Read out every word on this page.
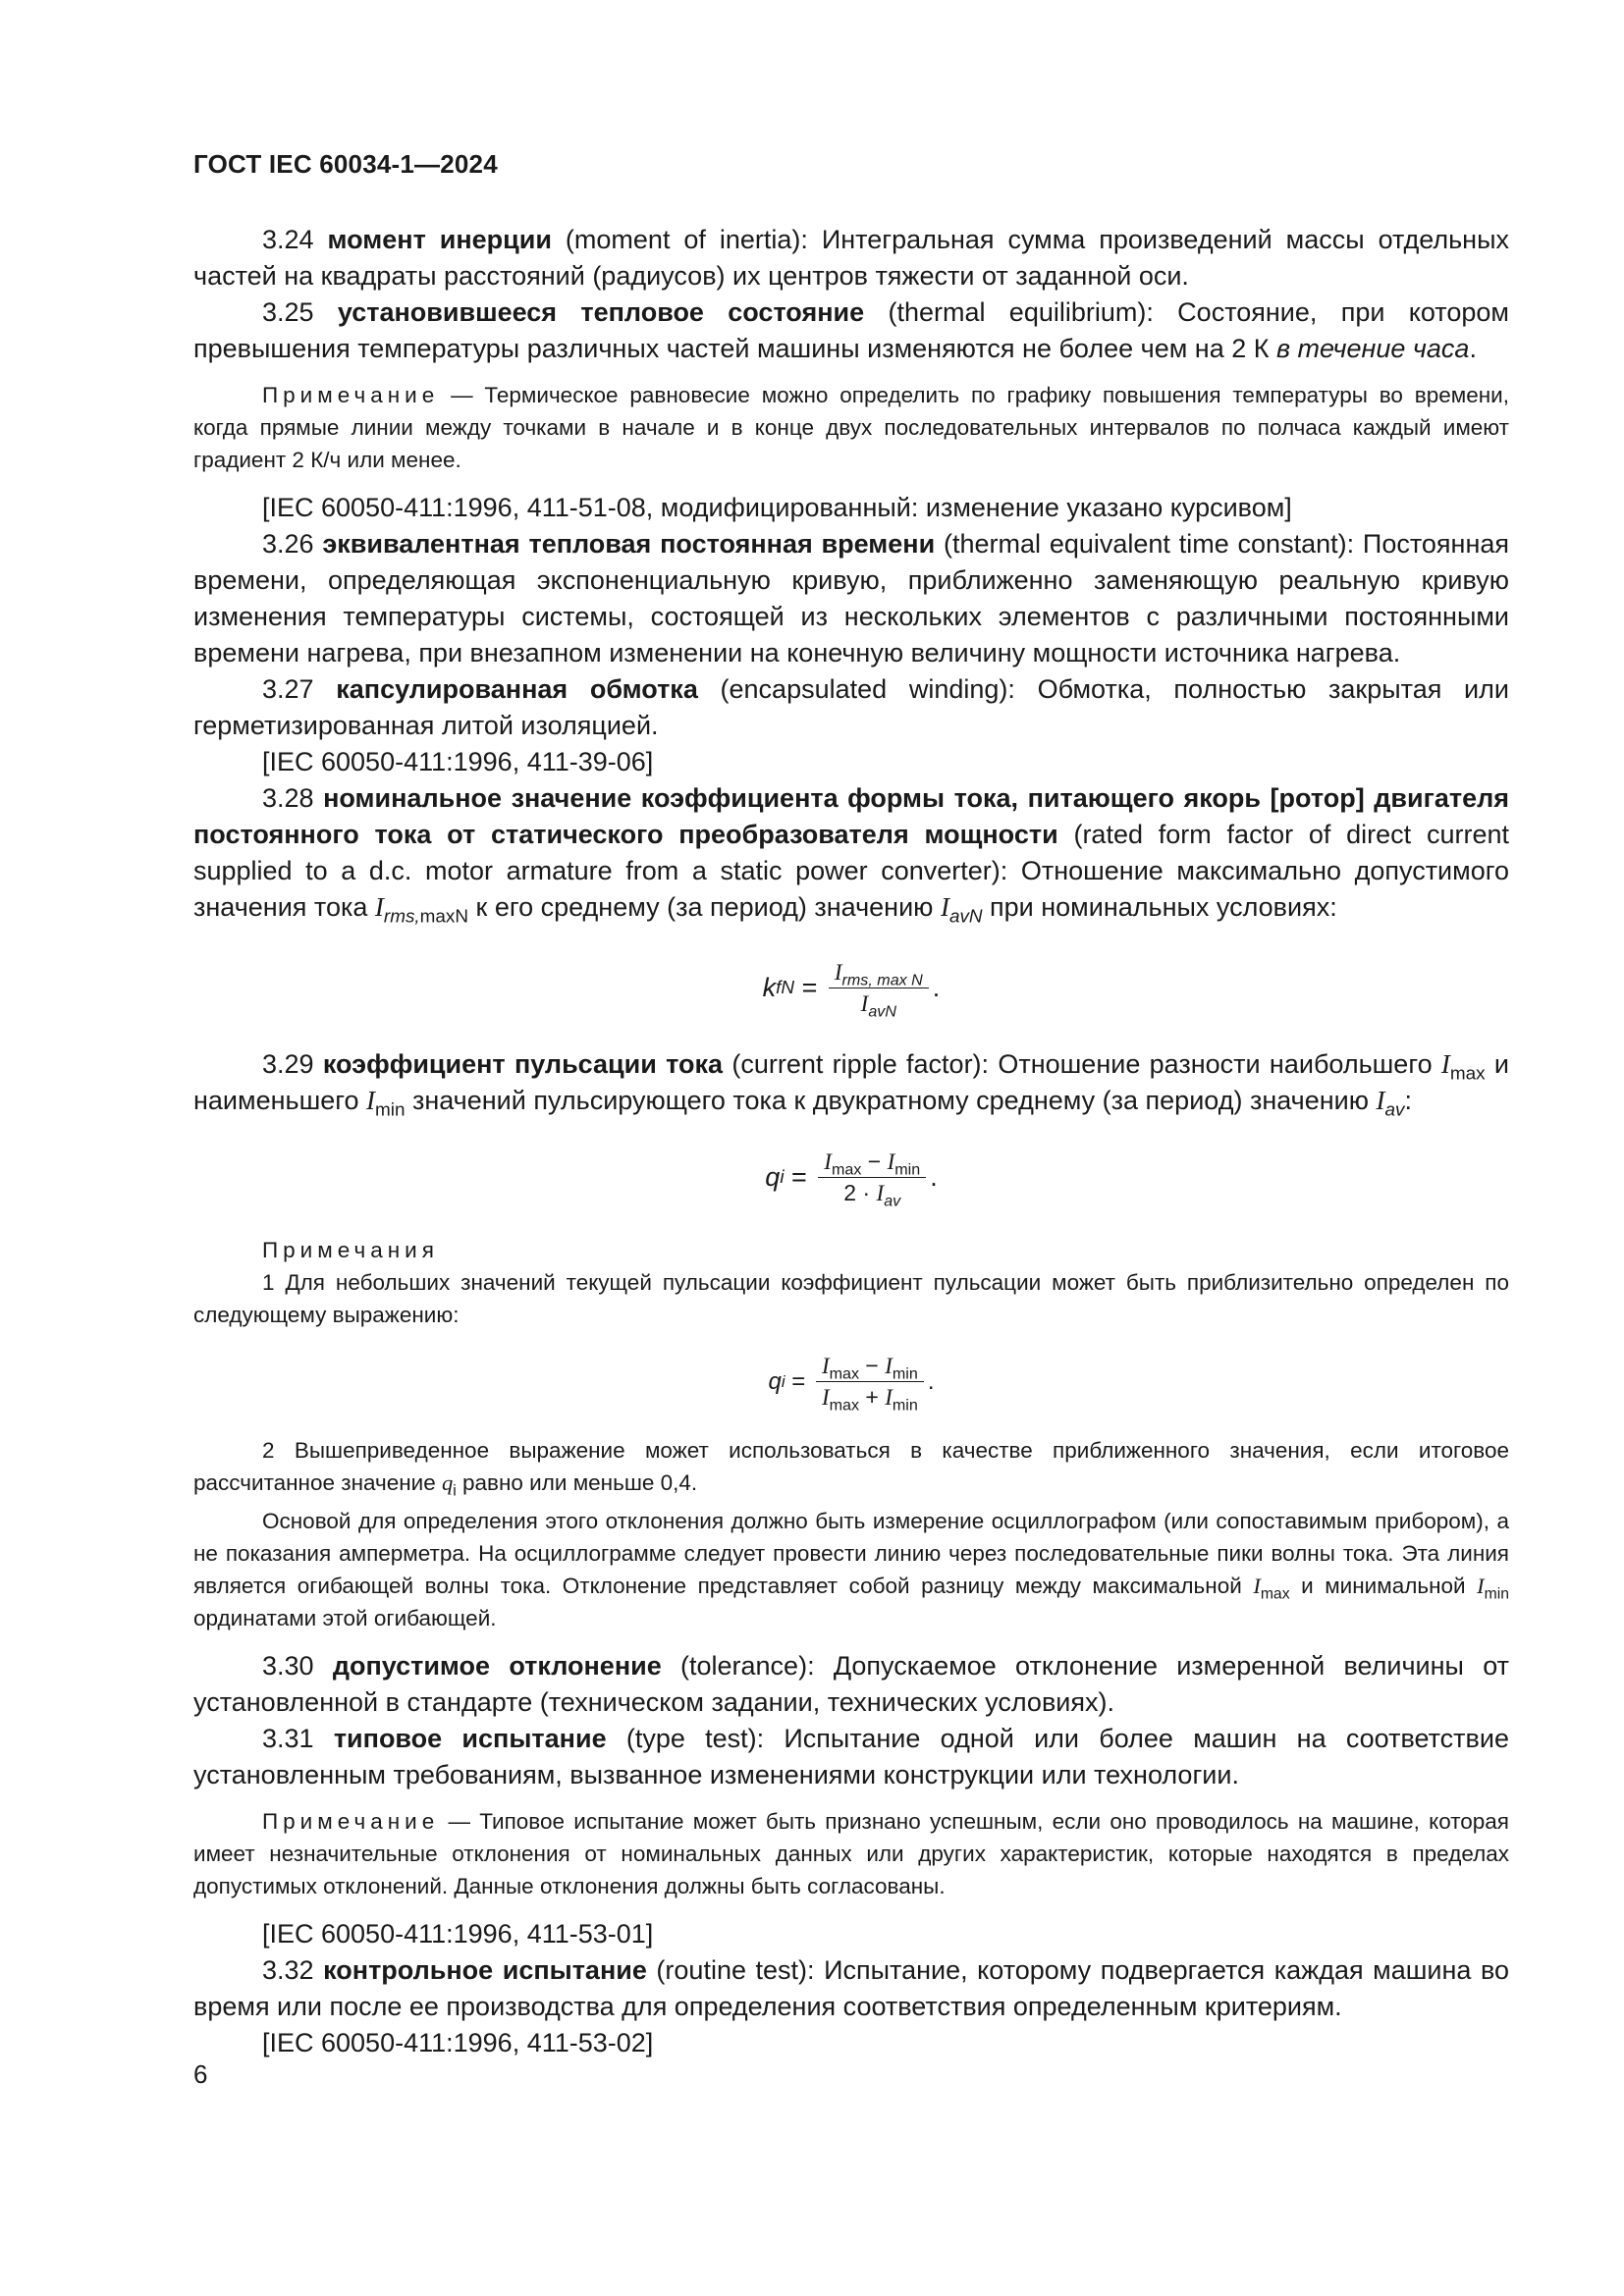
ГОСТ IEC 60034-1—2024

3.24 момент инерции (moment of inertia): Интегральная сумма произведений массы отдельных частей на квадраты расстояний (радиусов) их центров тяжести от заданной оси.

3.25 установившееся тепловое состояние (thermal equilibrium): Состояние, при котором превышения температуры различных частей машины изменяются не более чем на 2 К в течение часа.

Примечание — Термическое равновесие можно определить по графику повышения температуры во времени, когда прямые линии между точками в начале и в конце двух последовательных интервалов по полчаса каждый имеют градиент 2 К/ч или менее.

[IEC 60050-411:1996, 411-51-08, модифицированный: изменение указано курсивом]

3.26 эквивалентная тепловая постоянная времени (thermal equivalent time constant): Постоянная времени, определяющая экспоненциальную кривую, приближенно заменяющую реальную кривую изменения температуры системы, состоящей из нескольких элементов с различными постоянными времени нагрева, при внезапном изменении на конечную величину мощности источника нагрева.

3.27 капсулированная обмотка (encapsulated winding): Обмотка, полностью закрытая или герметизированная литой изоляцией.

[IEC 60050-411:1996, 411-39-06]

3.28 номинальное значение коэффициента формы тока, питающего якорь [ротор] двигателя постоянного тока от статического преобразователя мощности (rated form factor of direct current supplied to a d.c. motor armature from a static power converter): Отношение максимально допустимого значения тока $I_{rms,maxN}$ к его среднему (за период) значению $I_{avN}$ при номинальных условиях:

k fN = $\frac{I_{rms, max N}}{I_{avN}}$ .

3.29 коэффициент пульсации тока (current ripple factor): Отношение разности наибольшего $I_{max}$ и наименьшего $I_{min}$ значений пульсирующего тока к двукратному среднему (за период) значению $I_{av}$:

q $i = \frac{I_{max} - I_{min}}{2 \cdot I_{av}}$ .

Примечания

1 Для небольших значений текущей пульсации коэффициент пульсации может быть приблизительно определен по следующему выражению:

q $i = \frac{I_{max} - I_{min}}{I_{max} + I_{min}}$ .

2 Вышеприведенное выражение может использоваться в качестве приближенного значения, если итоговое рассчитанное значение $q_i$ равно или меньше 0,4.

Основой для определения этого отклонения должно быть измерение осциллографом (или сопоставимым прибором), а не показания амперметра. На осциллограмме следует провести линию через последовательные пики волны тока. Эта линия является огибающей волны тока. Отклонение представляет собой разницу между максимальной $I_{max}$ и минимальной $I_{min}$ ординатами этой огибающей.

3.30 допустимое отклонение (tolerance): Допускаемое отклонение измеренной величины от установленной в стандарте (техническом задании, технических условиях).

3.31 типовое испытание (type test): Испытание одной или более машин на соответствие установленным требованиям, вызванное изменениями конструкции или технологии.

Примечание — Типовое испытание может быть признано успешным, если оно проводилось на машине, которая имеет незначительные отклонения от номинальных данных или других характеристик, которые находятся в пределах допустимых отклонений. Данные отклонения должны быть согласованы.

[IEC 60050-411:1996, 411-53-01]

3.32 контрольное испытание (routine test): Испытание, которому подвергается каждая машина во время или после ее производства для определения соответствия определенным критериям.

[IEC 60050-411:1996, 411-53-02]

6
